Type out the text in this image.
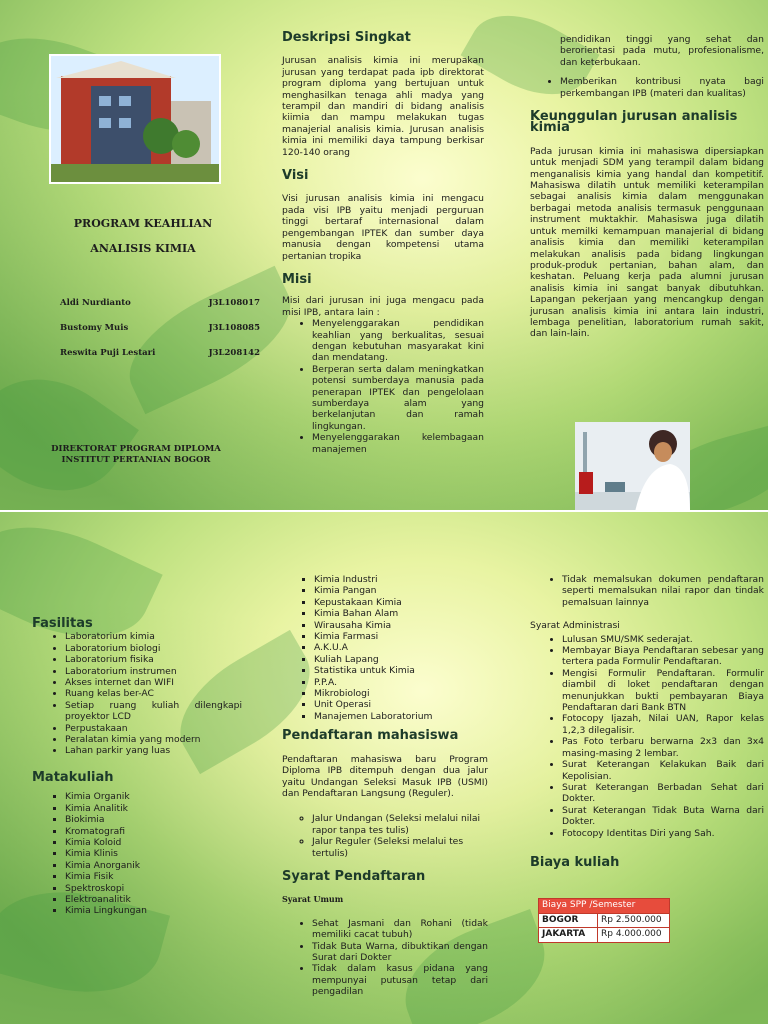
PROGRAM KEAHLIAN
ANALISIS KIMIA
Aldi Nurdianto	J3L108017
Bustomy Muis	J3L108085
Reswita Puji Lestari	J3L208142
DIREKTORAT PROGRAM DIPLOMA
INSTITUT PERTANIAN BOGOR
Deskripsi Singkat

Jurusan analisis kimia ini merupakan jurusan yang terdapat pada ipb direktorat program diploma yang bertujuan untuk menghasilkan tenaga ahli madya yang terampil dan mandiri di bidang analisis kiimia dan mampu melakukan tugas manajerial analisis kimia. Jurusan analisis kimia ini memiliki daya tampung berkisar 120-140 orang

Visi

Visi jurusan analisis kimia ini mengacu pada visi IPB yaitu menjadi perguruan tinggi bertaraf internasional dalam pengembangan IPTEK dan sumber daya manusia dengan kompetensi utama pertanian tropika

Misi

Misi dari jurusan ini juga mengacu pada misi IPB, antara lain :

• Menyelenggarakan pendidikan keahlian yang berkualitas, sesuai dengan kebutuhan masyarakat kini dan mendatang.
• Berperan serta dalam meningkatkan potensi sumberdaya manusia pada penerapan IPTEK dan pengelolaan sumberdaya alam yang berkelanjutan dan ramah lingkungan.
• Menyelenggarakan kelembagaan manajemen
pendidikan tinggi yang sehat dan berorientasi pada mutu, profesionalisme, dan keterbukaan.
• Memberikan kontribusi nyata bagi perkembangan IPB (materi dan kualitas)
Keunggulan jurusan analisis kimia

Pada jurusan kimia ini mahasiswa dipersiapkan untuk menjadi SDM yang terampil dalam bidang menganalisis kimia yang handal dan kompetitif. Mahasiswa dilatih untuk memiliki keterampilan sebagai analisis kimia dalam menggunakan berbagai metoda analisis termasuk penggunaan instrument muktakhir. Mahasiswa juga dilatih untuk memilki kemampuan manajerial di bidang analisis kimia dan memiliki keterampilan melakukan analisis pada bidang lingkungan produk-produk pertanian, bahan alam, dan keshatan. Peluang kerja pada alumni jurusan analisis kimia ini sangat banyak dibutuhkan. Lapangan pekerjaan yang mencangkup dengan jurusan analisis kimia ini antara lain industri, lembaga penelitian, laboratorium rumah sakit, dan lain-lain.

Fasilitas
• Laboratorium kimia
• Laboratorium biologi
• Laboratorium fisika
• Laboratorium instrumen
• Akses internet dan WIFI
• Ruang kelas ber-AC
• Setiap ruang kuliah dilengkapi proyektor LCD
• Perpustakaan
• Peralatan kimia yang modern
• Lahan parkir yang luas
Matakuliah
▪ Kimia Organik
▪ Kimia Analitik
▪ Biokimia
▪ Kromatografi
▪ Kimia Koloid
▪ Kimia Klinis
▪ Kimia Anorganik
▪ Kimia Fisik
▪ Spektroskopi
▪ Elektroanalitik
▪ Kimia Lingkungan
▪ Kimia Industri
▪ Kimia Pangan
▪ Kepustakaan Kimia
▪ Kimia Bahan Alam
▪ Wirausaha Kimia
▪ Kimia Farmasi
▪ A.K.U.A
▪ Kuliah Lapang
▪ Statistika untuk Kimia
▪ P.P.A.
▪ Mikrobiologi
▪ Unit Operasi
▪ Manajemen Laboratorium
Pendaftaran mahasiswa

Pendaftaran mahasiswa baru Program Diploma IPB ditempuh dengan dua jalur yaitu Undangan Seleksi Masuk IPB (USMI) dan Pendaftaran Langsung (Reguler).

◦ Jalur Undangan (Seleksi melalui nilai rapor tanpa tes tulis)
◦ Jalur Reguler (Seleksi melalui tes tertulis)
Syarat Pendaftaran
Syarat Umum
• Sehat Jasmani dan Rohani (tidak memiliki cacat tubuh)
• Tidak Buta Warna, dibuktikan dengan Surat dari Dokter
• Tidak dalam kasus pidana yang mempunyai putusan tetap dari pengadilan
• Tidak memalsukan dokumen pendaftaran seperti memalsukan nilai rapor dan tindak pemalsuan lainnya
Syarat Administrasi
• Lulusan SMU/SMK sederajat.
• Membayar Biaya Pendaftaran sebesar yang tertera pada Formulir Pendaftaran.
• Mengisi Formulir Pendaftaran. Formulir diambil di loket pendaftaran dengan menunjukkan bukti pembayaran Biaya Pendaftaran dari Bank BTN
• Fotocopy Ijazah, Nilai UAN, Rapor kelas 1,2,3 dilegalisir.
• Pas Foto terbaru berwarna 2x3 dan 3x4 masing-masing 2 lembar.
• Surat Keterangan Kelakukan Baik dari Kepolisian.
• Surat Keterangan Berbadan Sehat dari Dokter.
• Surat Keterangan Tidak Buta Warna dari Dokter.
• Fotocopy Identitas Diri yang Sah.
Biaya kuliah
Biaya SPP /Semester	
BOGOR	Rp 2.500.000
JAKARTA	Rp 4.000.000
